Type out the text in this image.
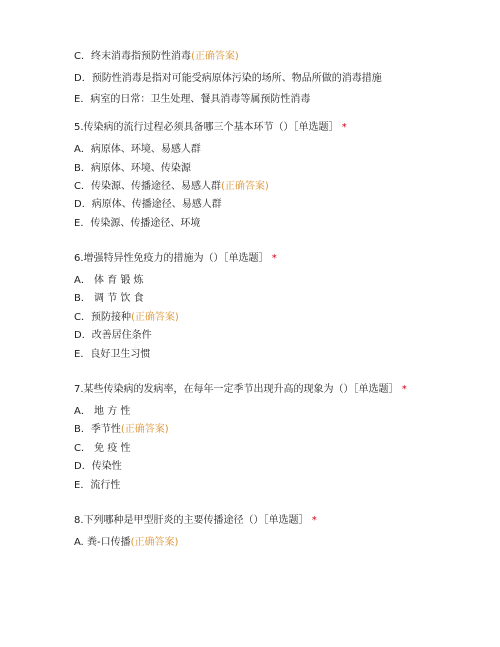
C．终末消毒指预防性消毒(正确答案)
D．预防性消毒是指对可能受病原体污染的场所、物品所做的消毒措施
E．病室的日常：卫生处理、餐具消毒等属预防性消毒
5.传染病的流行过程必须具备哪三个基本环节（）［单选题］ *
A．病原体、环境、易感人群
B．病原体、环境、传染源
C．传染源、传播途径、易感人群(正确答案)
D．病原体、传播途径、易感人群
E．传染源、传播途径、环境
6.增强特异性免疫力的措施为（）［单选题］ *
A． 体 育 锻 炼
B． 调 节 饮 食
C．预防接种(正确答案)
D．改善居住条件
E．良好卫生习惯
7.某些传染病的发病率，在每年一定季节出现升高的现象为（）［单选题］ *
A． 地 方 性
B．季节性(正确答案)
C． 免 疫 性
D．传染性
E．流行性
8.下列哪种是甲型肝炎的主要传播途径（）［单选题］ *
A. 粪-口传播(正确答案)
